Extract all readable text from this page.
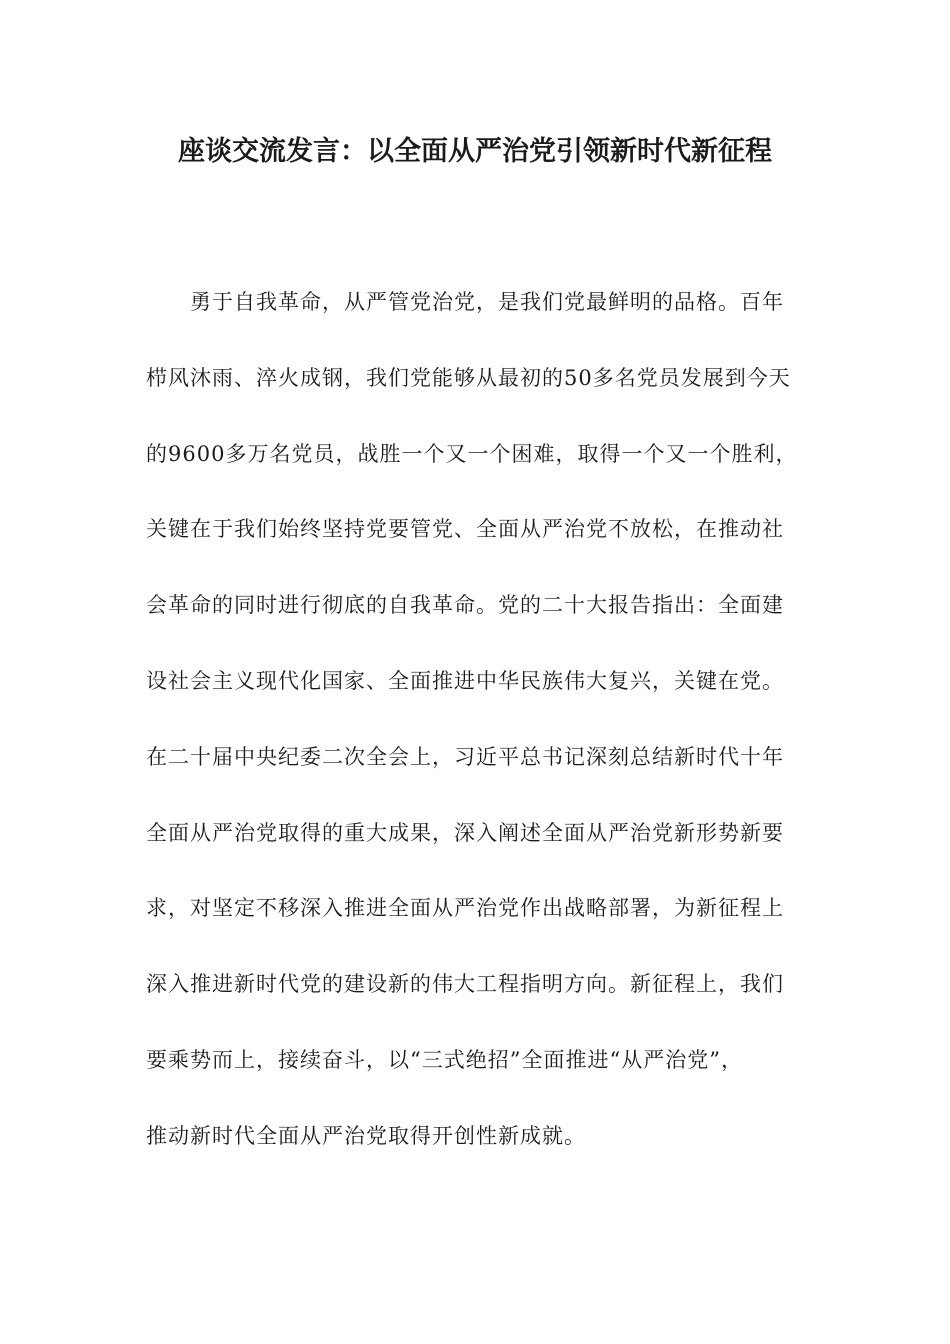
座谈交流发言：以全面从严治党引领新时代新征程
勇于自我革命，从严管党治党，是我们党最鲜明的品格。百年
栉风沐雨、淬火成钢，我们党能够从最初的50多名党员发展到今天
的9600多万名党员，战胜一个又一个困难，取得一个又一个胜利，
关键在于我们始终坚持党要管党、全面从严治党不放松，在推动社
会革命的同时进行彻底的自我革命。党的二十大报告指出：全面建
设社会主义现代化国家、全面推进中华民族伟大复兴，关键在党。
在二十届中央纪委二次全会上，习近平总书记深刻总结新时代十年
全面从严治党取得的重大成果，深入阐述全面从严治党新形势新要
求，对坚定不移深入推进全面从严治党作出战略部署，为新征程上
深入推进新时代党的建设新的伟大工程指明方向。新征程上，我们
要乘势而上，接续奋斗，以“三式绝招”全面推进“从严治党”，
推动新时代全面从严治党取得开创性新成就。
